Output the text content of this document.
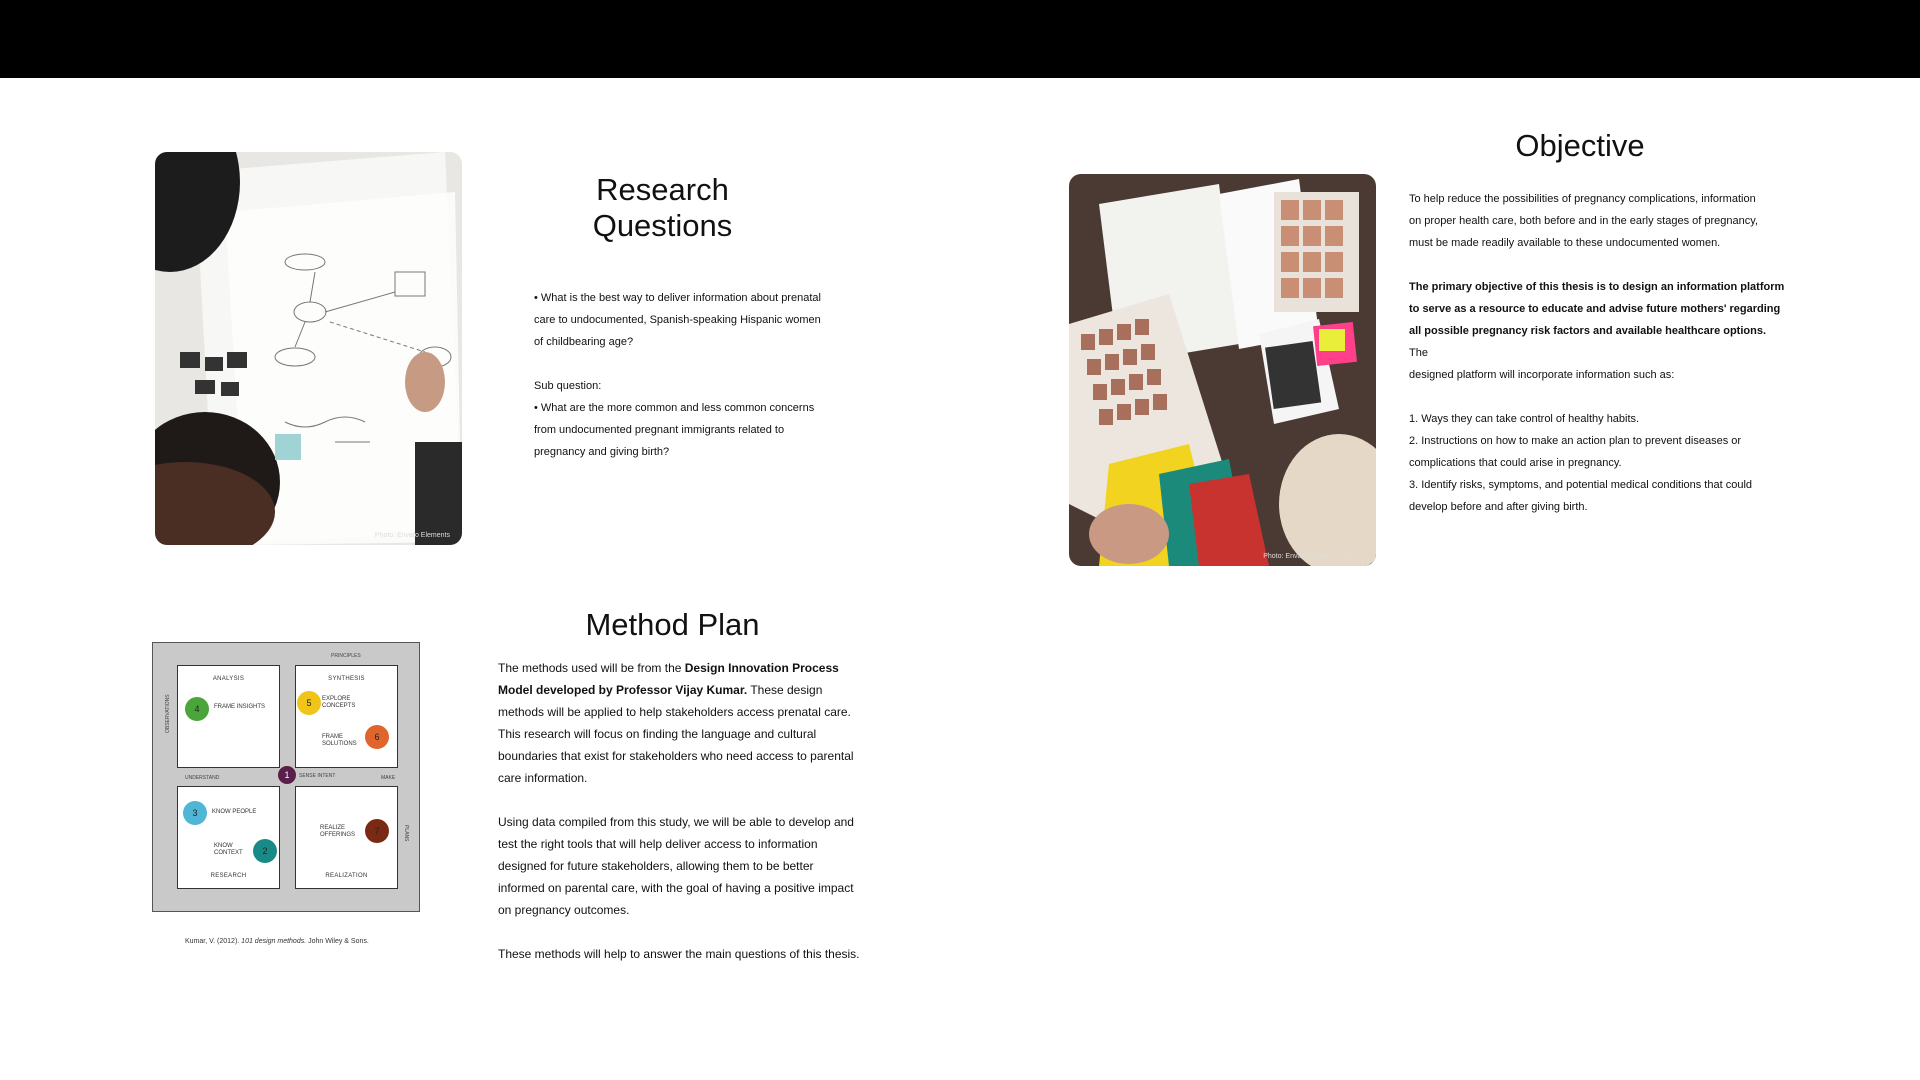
Photo: Envato Elements
Research
Questions
• What is the best way to deliver information about prenatal
care to undocumented, Spanish-speaking Hispanic women
of childbearing age?
Sub question:
• What are the more common and less common concerns
from undocumented pregnant immigrants related to
pregnancy and giving birth?
Photo: Envato Elements: Autor x
Objective
To help reduce the possibilities of pregnancy complications, information
on proper health care, both before and in the early stages of pregnancy,
must be made readily available to these undocumented women.
The primary objective of this thesis is to design an information platform
to serve as a resource to educate and advise future mothers' regarding
all possible pregnancy risk factors and available healthcare options.  The
designed platform will incorporate information such as:
1. Ways they can take control of healthy habits.
2. Instructions on how to make an action plan to prevent diseases or
complications that could arise in pregnancy.
3. Identify risks, symptoms, and potential medical conditions that could
develop before and after giving birth.
Method Plan
The methods used will be from the Design Innovation Process
Model developed by Professor Vijay Kumar. These design
methods will be applied to help stakeholders access prenatal care.
This research will focus on finding the language and cultural
boundaries that exist for stakeholders who need access to parental
care information.
Using data compiled from this study, we will be able to develop and
test the right tools that will help deliver access to information
designed for future stakeholders, allowing them to be better
informed on parental care, with the goal of having a positive impact
on pregnancy outcomes.
These methods will help to answer the main questions of this thesis.
PRINCIPLES
OBSERVATIONS
PLANS
UNDERSTAND	SENSE INTENT	MAKE
ANALYSIS
FRAME INSIGHTS
SYNTHESIS
EXPLORE
CONCEPTS
FRAME
SOLUTIONS
KNOW PEOPLE
KNOW
CONTEXT
RESEARCH
REALIZE
OFFERINGS
REALIZATION
4
5
6
1
3
2
7
Kumar, V. (2012). 101 design methods. John Wiley & Sons.
